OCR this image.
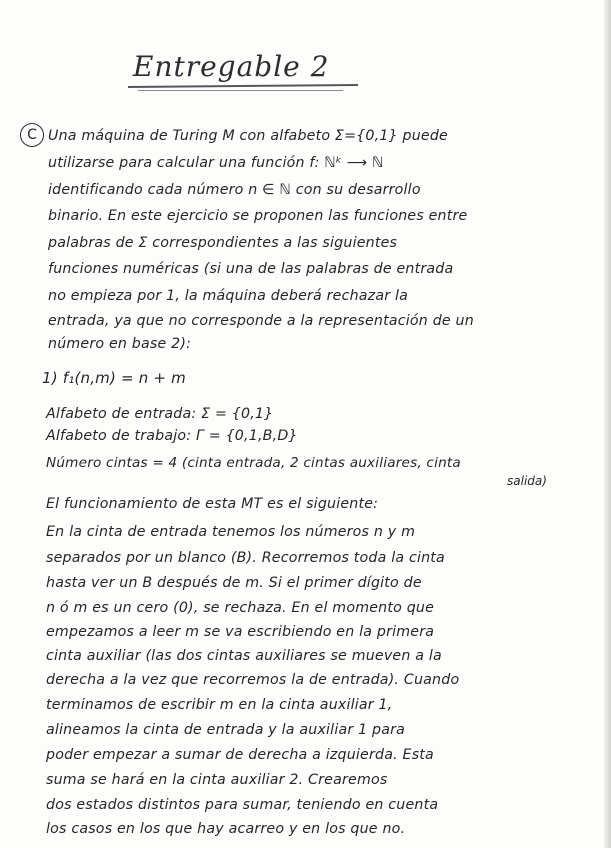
Entregable 2
C Una máquina de Turing M con alfabeto Σ={0,1} puede
utilizarse para calcular una función f: ℕᵏ ⟶ ℕ
identificando cada número n ∈ ℕ con su desarrollo
binario. En este ejercicio se proponen las funciones entre
palabras de Σ correspondientes a las siguientes
funciones numéricas (si una de las palabras de entrada
no empieza por 1, la máquina deberá rechazar la
entrada, ya que no corresponde a la representación de un
número en base 2):
1) f₁(n,m) = n + m
Alfabeto de entrada: Σ = {0,1}
Alfabeto de trabajo: Γ = {0,1,B,D}
Número cintas = 4 (cinta entrada, 2 cintas auxiliares, cinta
salida)
El funcionamiento de esta MT es el siguiente:
En la cinta de entrada tenemos los números n y m
separados por un blanco (B). Recorremos toda la cinta
hasta ver un B después de m. Si el primer dígito de
n ó m es un cero (0), se rechaza. En el momento que
empezamos a leer m se va escribiendo en la primera
cinta auxiliar (las dos cintas auxiliares se mueven a la
derecha a la vez que recorremos la de entrada). Cuando
terminamos de escribir m en la cinta auxiliar 1,
alineamos la cinta de entrada y la auxiliar 1 para
poder empezar a sumar de derecha a izquierda. Esta
suma se hará en la cinta auxiliar 2. Crearemos
dos estados distintos para sumar, teniendo en cuenta
los casos en los que hay acarreo y en los que no.
